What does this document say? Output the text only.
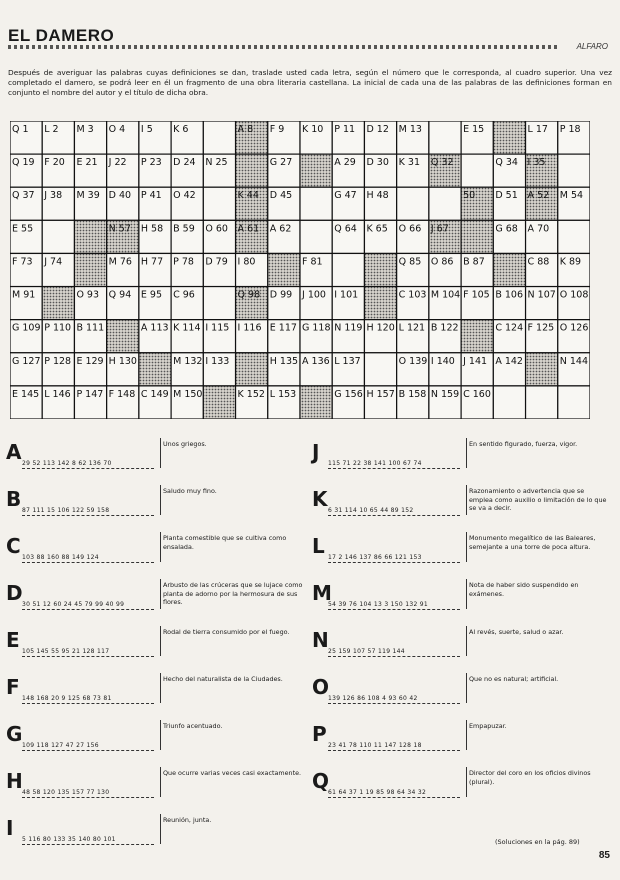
EL DAMERO
ALFARO
Después de averiguar las palabras cuyas definiciones se dan, traslade usted cada letra, según el número que le corresponda, al cuadro superior. Una vez completado el damero, se podrá leer en él un fragmento de una obra literaria castellana. La inicial de cada una de las palabras de las definiciones forman en conjunto el nombre del autor y el título de dicha obra.
Q 1 L 2 M 3 O 4 I 5 K 6	A 8 F 9 K 10 P 11 D 12 M 13	E 15	L 17 P 18
Q 19 F 20 E 21 J 22 P 23 D 24 N 25	G 27	A 29 D 30 K 31 Q 32	Q 34 I 35
Q 37 J 38 M 39 D 40 P 41 O 42	K 44 D 45	G 47 H 48	50 D 51 A 52 M 54
E 55	N 57 H 58 B 59 O 60 A 61 A 62	Q 64 K 65 O 66 J 67	G 68 A 70
F 73 J 74	M 76 H 77 P 78 D 79 I 80	F 81	Q 85 O 86 B 87	C 88 K 89
M 91	O 93 Q 94 E 95 C 96	Q 98 D 99 J 100 I 101	C 103 M 104 F 105 B 106 N 107 O 108
G 109 P 110 B 111	A 113 K 114 I 115 I 116 E 117 G 118 N 119 H 120 L 121 B 122	C 124 F 125 O 126
G 127 P 128 E 129 H 130	M 132 I 133	H 135 A 136 L 137	O 139 I 140 J 141 A 142	N 144
E 145 L 146 P 147 F 148 C 149 M 150	K 152 L 153	G 156 H 157 B 158 N 159 C 160
A 29 52 113 142 8 62 136 70
Unos griegos.
B 87 111 15 106 122 59 158
Saludo muy fino.
C 103 88 160 88 149 124
Planta comestible que se cultiva como ensalada.
D 30 51 12 60 24 45 79 99 40 99
Arbusto de las crúceras que se lujace como planta de adorno por la hermosura de sus flores.
E 105 145 55 95 21 128 117
Rodal de tierra consumido por el fuego.
F 148 168 20 9 125 68 73 81
Hecho del naturalista de la Ciudades.
G 109 118 127 47 27 156
Triunfo acentuado.
H 48 58 120 135 157 77 130
Que ocurre varias veces casi exactamente.
I 5 116 80 133 35 140 80 101
Reunión, junta.
J 115 71 22 38 141 100 67 74
En sentido figurado, fuerza, vigor.
K 6 31 114 10 65 44 89 152
Razonamiento o advertencia que se emplea como auxilio o limitación de lo que se va a decir.
L 17 2 146 137 86 66 121 153
Monumento megalítico de las Baleares, semejante a una torre de poca altura.
M
54 39 76 104 13 3 150 132 91
Nota de haber sido suspendido en exámenes.
N 25 159 107 57 119 144
Al revés, suerte, salud o azar.
O
139 126 86 108 4 93 60 42
Que no es natural; artificial.
P 23 41 78 110 11 147 128 18
Empapuzar.
Q
61 64 37 1 19 85 98 64 34 32
Director del coro en los oficios divinos (plural).
(Soluciones en la pág. 89)
85
